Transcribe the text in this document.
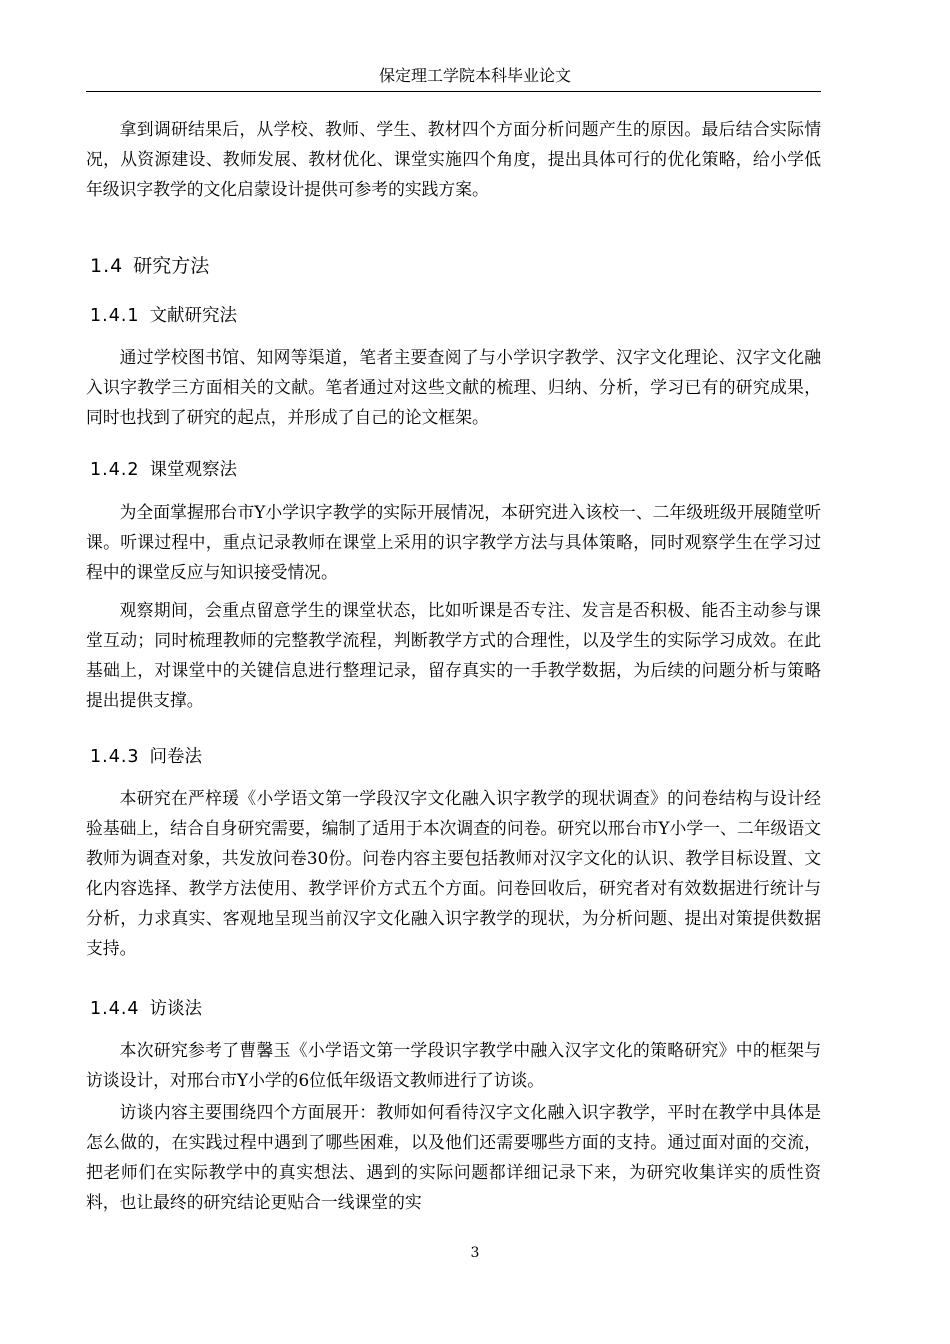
保定理工学院本科毕业论文

拿到调研结果后，从学校、教师、学生、教材四个方面分析问题产生的原因。最后结合实际情况，从资源建设、教师发展、教材优化、课堂实施四个角度，提出具体可行的优化策略，给小学低年级识字教学的文化启蒙设计提供可参考的实践方案。

1.4 研究方法
1.4.1 文献研究法

通过学校图书馆、知网等渠道，笔者主要查阅了与小学识字教学、汉字文化理论、汉字文化融入识字教学三方面相关的文献。笔者通过对这些文献的梳理、归纳、分析，学习已有的研究成果，同时也找到了研究的起点，并形成了自己的论文框架。

1.4.2 课堂观察法

为全面掌握邢台市Y小学识字教学的实际开展情况，本研究进入该校一、二年级班级开展随堂听课。听课过程中，重点记录教师在课堂上采用的识字教学方法与具体策略，同时观察学生在学习过程中的课堂反应与知识接受情况。

观察期间，会重点留意学生的课堂状态，比如听课是否专注、发言是否积极、能否主动参与课堂互动；同时梳理教师的完整教学流程，判断教学方式的合理性，以及学生的实际学习成效。在此基础上，对课堂中的关键信息进行整理记录，留存真实的一手教学数据，为后续的问题分析与策略提出提供支撑。

1.4.3 问卷法

本研究在严梓瑗《小学语文第一学段汉字文化融入识字教学的现状调查》的问卷结构与设计经验基础上，结合自身研究需要，编制了适用于本次调查的问卷。研究以邢台市Y小学一、二年级语文教师为调查对象，共发放问卷30份。问卷内容主要包括教师对汉字文化的认识、教学目标设置、文化内容选择、教学方法使用、教学评价方式五个方面。问卷回收后，研究者对有效数据进行统计与分析，力求真实、客观地呈现当前汉字文化融入识字教学的现状，为分析问题、提出对策提供数据支持。

1.4.4 访谈法

本次研究参考了曹馨玉《小学语文第一学段识字教学中融入汉字文化的策略研究》中的框架与访谈设计，对邢台市Y小学的6位低年级语文教师进行了访谈。

访谈内容主要围绕四个方面展开：教师如何看待汉字文化融入识字教学，平时在教学中具体是怎么做的，在实践过程中遇到了哪些困难，以及他们还需要哪些方面的支持。通过面对面的交流，把老师们在实际教学中的真实想法、遇到的实际问题都详细记录下来，为研究收集详实的质性资料，也让最终的研究结论更贴合一线课堂的实

3
